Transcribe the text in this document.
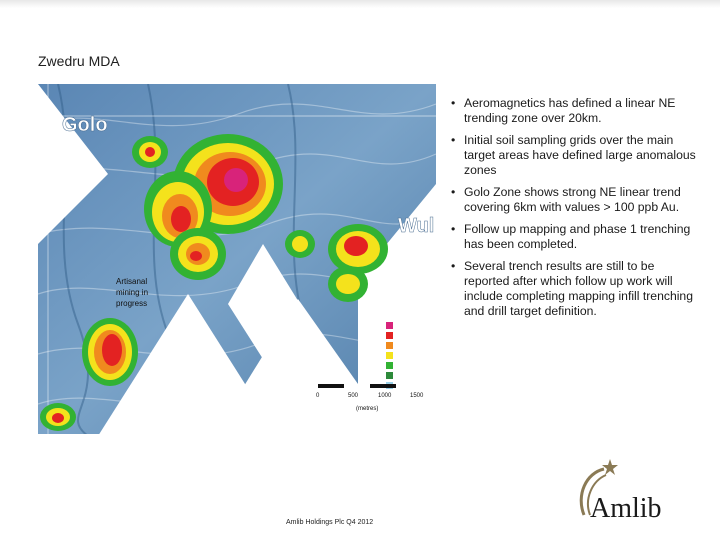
Zwedru MDA
Golo
Wul
Artisanal
mining in
progress
Au in Soil ppb
400
200
100
50
20
10
0	500	1000	1500
(metres)
• Aeromagnetics has defined a linear NE trending zone over 20km.
• Initial soil sampling grids over the main target areas have defined large anomalous zones
• Golo Zone shows strong NE linear trend covering 6km with values > 100 ppb Au.
• Follow up mapping and phase 1 trenching has been completed.
• Several trench results are still to be reported after which follow up work will include completing mapping infill trenching and drill target definition.
Amlib Holdings Plc Q4 2012	Amlib
